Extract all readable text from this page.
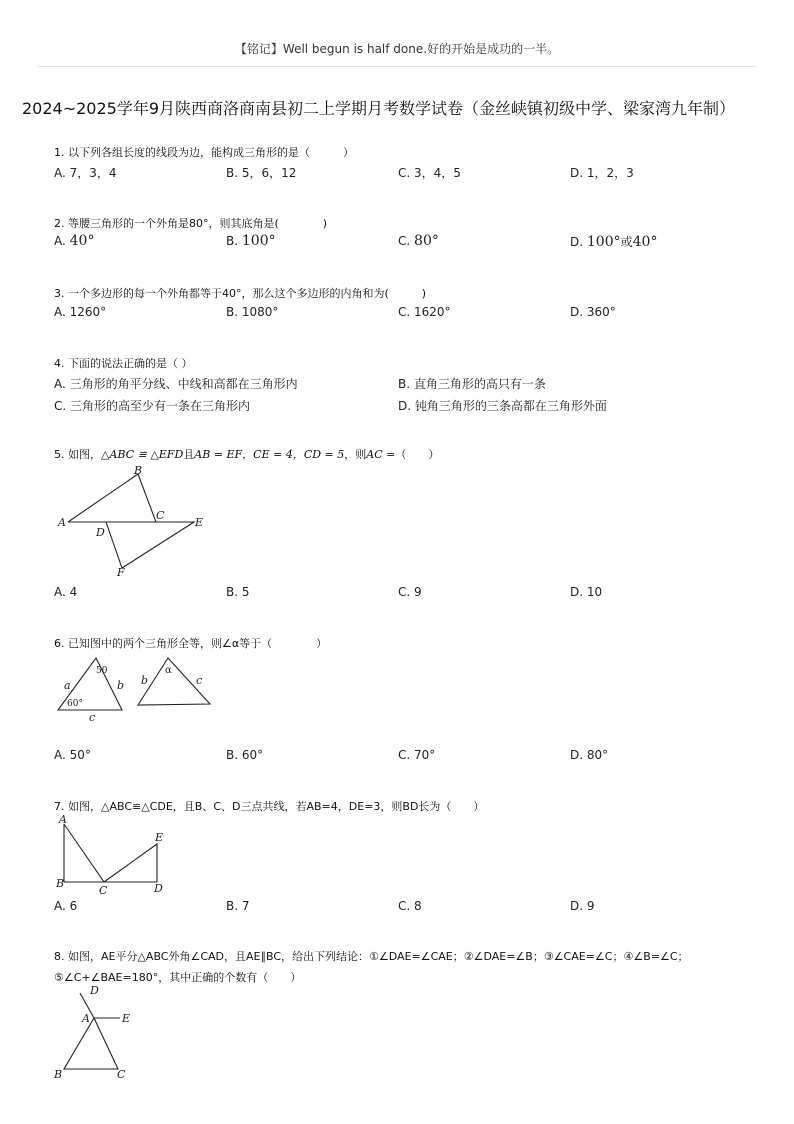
【铭记】Well begun is half done.好的开始是成功的一半。
2024~2025学年9月陕西商洛商南县初二上学期月考数学试卷（金丝峡镇初级中学、梁家湾九年制）
1. 以下列各组长度的线段为边，能构成三角形的是（　　　）
A. 7，3，4	B. 5，6，12	C. 3，4，5	D. 1，2，3
2. 等腰三角形的一个外角是80°，则其底角是(　　　　)
A. 40°	B. 100°	C. 80°	D. 100°或40°
3. 一个多边形的每一个外角都等于40°，那么这个多边形的内角和为(　　　)
A. 1260°	B. 1080°	C. 1620°	D. 360°
4. 下面的说法正确的是（ ）
A. 三角形的角平分线、中线和高都在三角形内	B. 直角三角形的高只有一条
C. 三角形的高至少有一条在三角形内	D. 钝角三角形的三条高都在三角形外面
5. 如图，△ABC ≌ △EFD且AB = EF，CE = 4，CD = 5，则AC =（　　）
A
B
C
D
E
F
A. 4	B. 5	C. 9	D. 10
6. 已知图中的两个三角形全等，则∠α等于（　　　　）
50
a	b
60°
c
α
b	c
A. 50°	B. 60°	C. 70°	D. 80°
7. 如图，△ABC≌△CDE，且B、C、D三点共线，若AB=4，DE=3，则BD长为（　　）
A
E
B
C	D
A. 6	B. 7	C. 8	D. 9
8. 如图，AE平分△ABC外角∠CAD，且AE∥BC，给出下列结论：①∠DAE=∠CAE；②∠DAE=∠B；③∠CAE=∠C；④∠B=∠C；
⑤∠C+∠BAE=180°，其中正确的个数有（　　）
D
A	E
B	C
